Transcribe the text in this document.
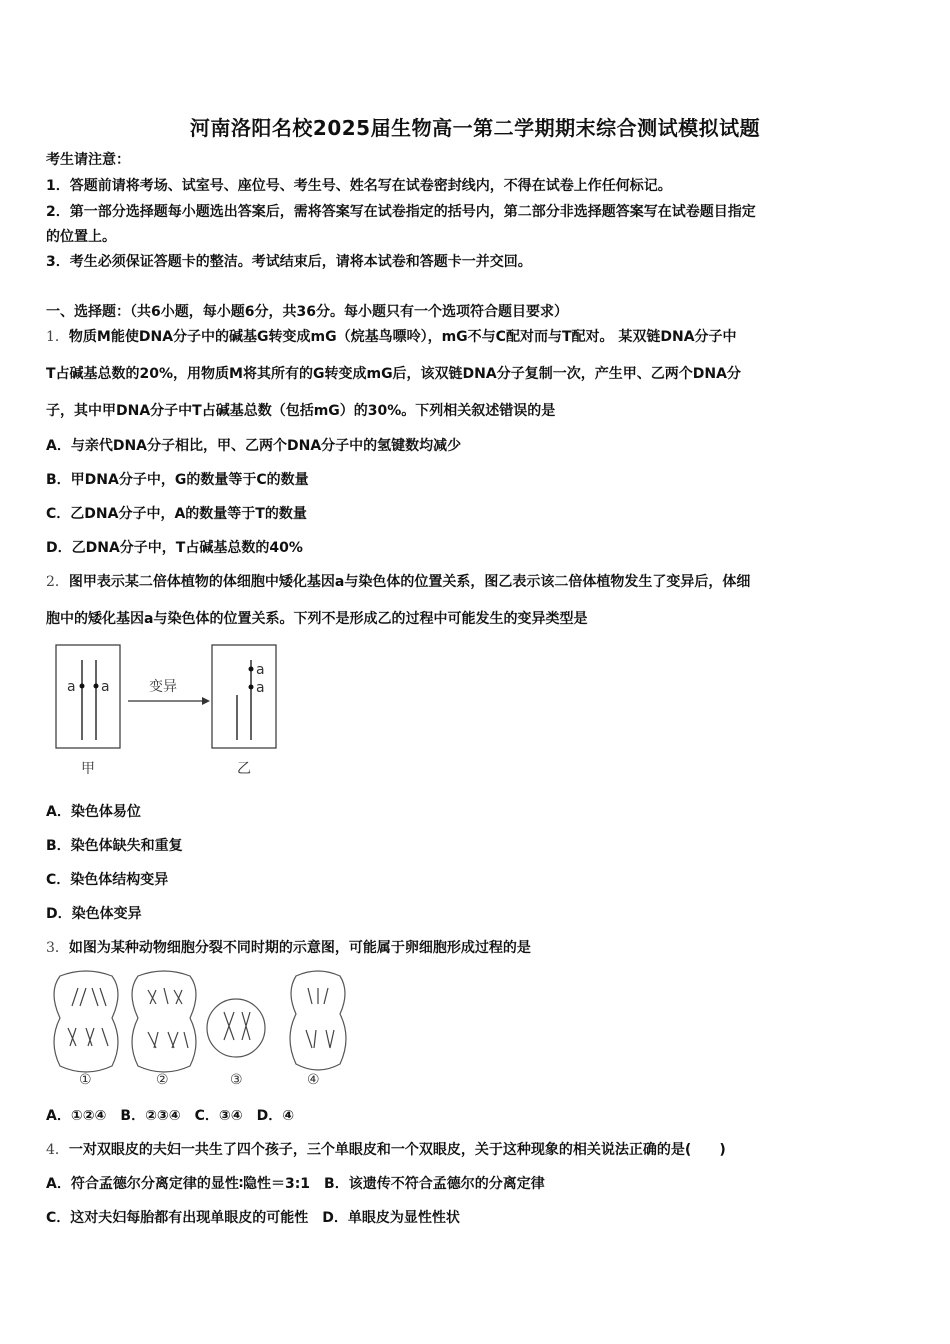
河南洛阳名校2025届生物高一第二学期期末综合测试模拟试题
考生请注意：
1．答题前请将考场、试室号、座位号、考生号、姓名写在试卷密封线内，不得在试卷上作任何标记。
2．第一部分选择题每小题选出答案后，需将答案写在试卷指定的括号内，第二部分非选择题答案写在试卷题目指定
的位置上。
3．考生必须保证答题卡的整洁。考试结束后，请将本试卷和答题卡一并交回。
一、选择题：（共6小题，每小题6分，共36分。每小题只有一个选项符合题目要求）
1．物质M能使DNA分子中的碱基G转变成mG（烷基鸟嘌呤），mG不与C配对而与T配对。 某双链DNA分子中
T占碱基总数的20%，用物质M将其所有的G转变成mG后，该双链DNA分子复制一次，产生甲、乙两个DNA分
子，其中甲DNA分子中T占碱基总数（包括mG）的30%。下列相关叙述错误的是
A．与亲代DNA分子相比，甲、乙两个DNA分子中的氢键数均减少
B．甲DNA分子中，G的数量等于C的数量
C．乙DNA分子中，A的数量等于T的数量
D．乙DNA分子中，T占碱基总数的40%
2．图甲表示某二倍体植物的体细胞中矮化基因a与染色体的位置关系，图乙表示该二倍体植物发生了变异后，体细
胞中的矮化基因a与染色体的位置关系。下列不是形成乙的过程中可能发生的变异类型是
a a	变异
a
a
甲	乙
A．染色体易位
B．染色体缺失和重复
C．染色体结构变异
D．染色体变异
3．如图为某种动物细胞分裂不同时期的示意图，可能属于卵细胞形成过程的是
①	②	③	④
A．①②④　B．②③④　C．③④　D．④
4．一对双眼皮的夫妇一共生了四个孩子，三个单眼皮和一个双眼皮，关于这种现象的相关说法正确的是(　　)
A．符合孟德尔分离定律的显性∶隐性＝3:1　B．该遗传不符合孟德尔的分离定律
C．这对夫妇每胎都有出现单眼皮的可能性　D．单眼皮为显性性状
